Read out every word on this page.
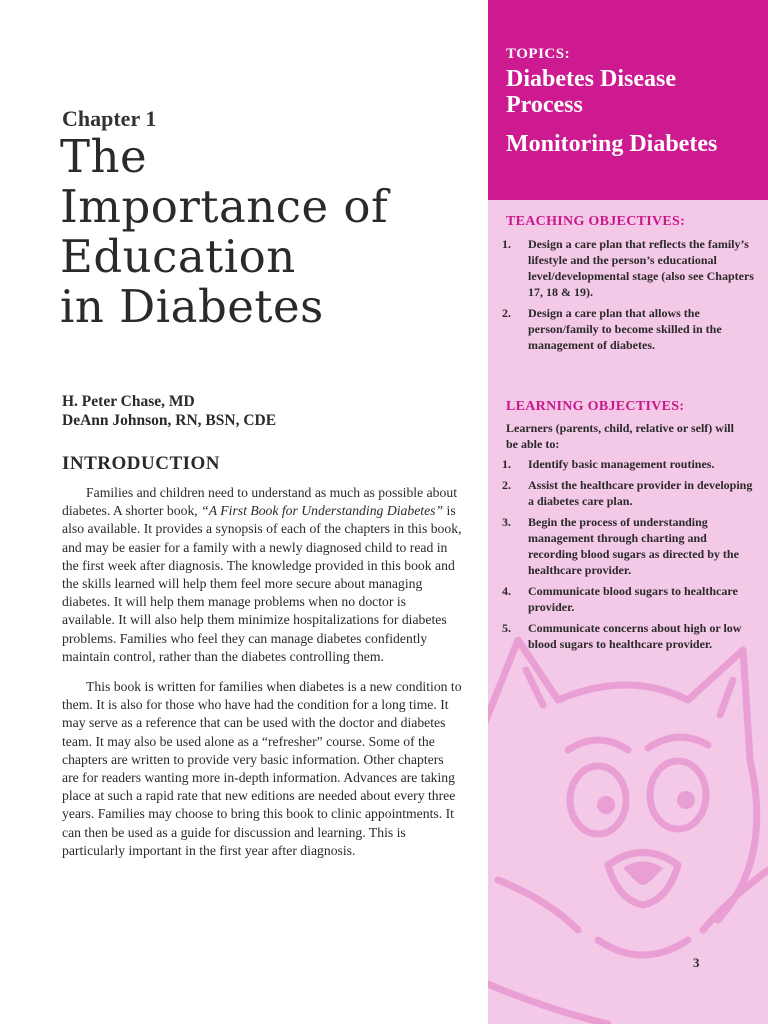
Chapter 1
The
Importance of
Education
in Diabetes
H. Peter Chase, MD
DeAnn Johnson, RN, BSN, CDE
INTRODUCTION

Families and children need to understand as much as possible about diabetes. A shorter book, “A First Book for Understanding Diabetes” is also available. It provides a synopsis of each of the chapters in this book, and may be easier for a family with a newly diagnosed child to read in the first week after diagnosis. The knowledge provided in this book and the skills learned will help them feel more secure about managing diabetes. It will help them manage problems when no doctor is available. It will also help them minimize hospitalizations for diabetes problems. Families who feel they can manage diabetes confidently maintain control, rather than the diabetes controlling them.

This book is written for families when diabetes is a new condition to them. It is also for those who have had the condition for a long time. It may serve as a reference that can be used with the doctor and diabetes team. It may also be used alone as a “refresher” course. Some of the chapters are written to provide very basic information. Other chapters are for readers wanting more in-depth information. Advances are taking place at such a rapid rate that new editions are needed about every three years. Families may choose to bring this book to clinic appointments. It can then be used as a guide for discussion and learning. This is particularly important in the first year after diagnosis.

TOPICS:
Diabetes Disease Process
Monitoring Diabetes
TEACHING OBJECTIVES:
1. Design a care plan that reflects the family’s lifestyle and the person’s educational level/developmental stage (also see Chapters 17, 18 & 19).
2. Design a care plan that allows the person/family to become skilled in the management of diabetes.
LEARNING OBJECTIVES:
Learners (parents, child, relative or self) will be able to:
1. Identify basic management routines.
2. Assist the healthcare provider in developing a diabetes care plan.
3. Begin the process of understanding management through charting and recording blood sugars as directed by the healthcare provider.
4. Communicate blood sugars to healthcare provider.
5. Communicate concerns about high or low blood sugars to healthcare provider.
3
